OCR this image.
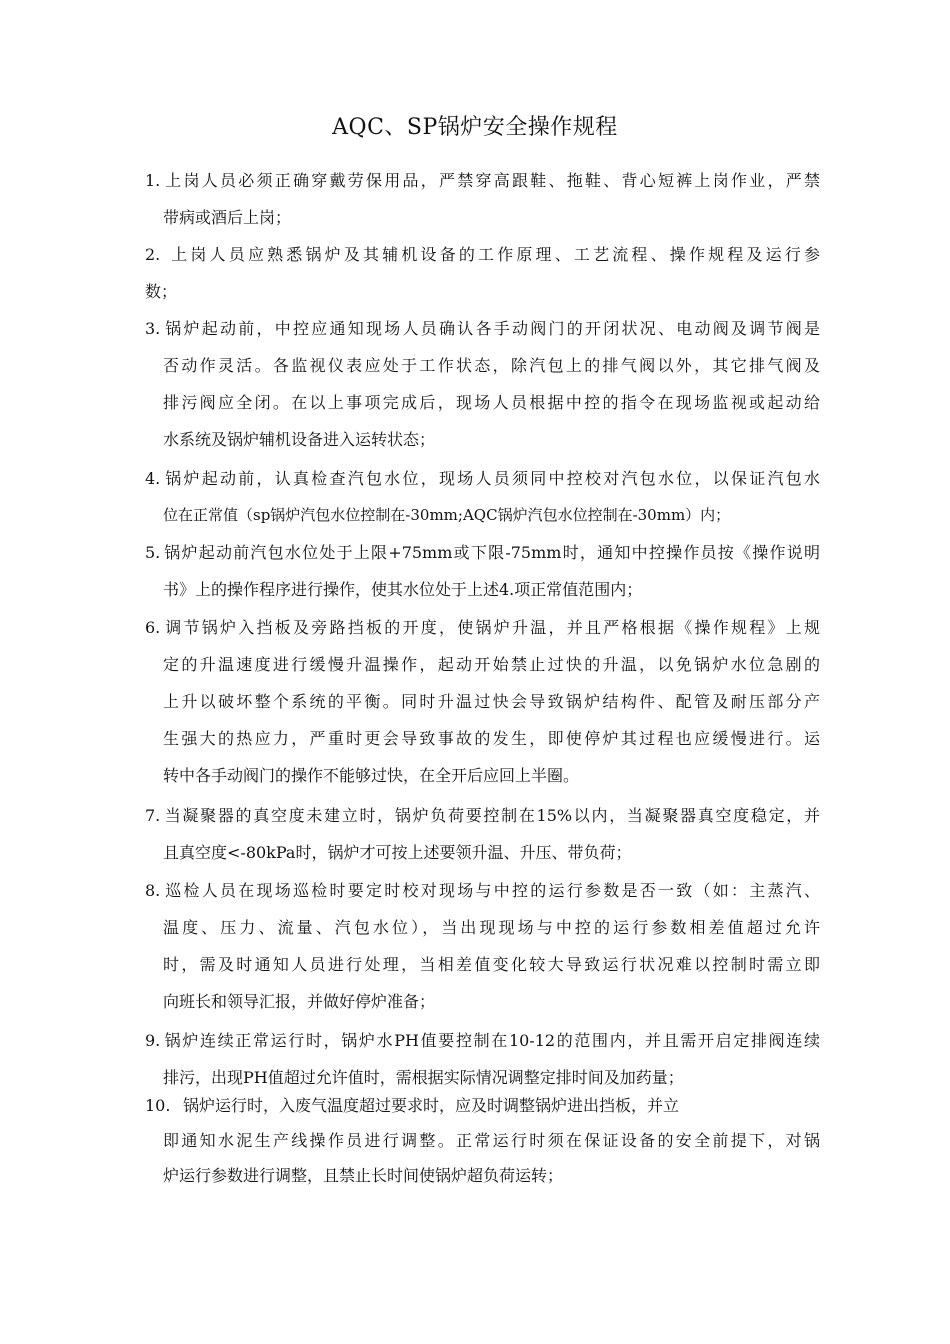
AQC、SP锅炉安全操作规程
1. 上岗人员必须正确穿戴劳保用品，严禁穿高跟鞋、拖鞋、背心短裤上岗作业，严禁
带病或酒后上岗；
2. 上岗人员应熟悉锅炉及其辅机设备的工作原理、工艺流程、操作规程及运行参
数；
3. 锅炉起动前，中控应通知现场人员确认各手动阀门的开闭状况、电动阀及调节阀是
否动作灵活。各监视仪表应处于工作状态，除汽包上的排气阀以外，其它排气阀及
排污阀应全闭。在以上事项完成后，现场人员根据中控的指令在现场监视或起动给
水系统及锅炉辅机设备进入运转状态；
4. 锅炉起动前，认真检查汽包水位，现场人员须同中控校对汽包水位，以保证汽包水
位在正常值（sp锅炉汽包水位控制在-30mm;AQC锅炉汽包水位控制在-30mm）内；
5. 锅炉起动前汽包水位处于上限+75mm或下限-75mm时，通知中控操作员按《操作说明
书》上的操作程序进行操作，使其水位处于上述4.项正常值范围内；
6. 调节锅炉入挡板及旁路挡板的开度，使锅炉升温，并且严格根据《操作规程》上规
定的升温速度进行缓慢升温操作，起动开始禁止过快的升温，以免锅炉水位急剧的
上升以破坏整个系统的平衡。同时升温过快会导致锅炉结构件、配管及耐压部分产
生强大的热应力，严重时更会导致事故的发生，即使停炉其过程也应缓慢进行。运
转中各手动阀门的操作不能够过快，在全开后应回上半圈。
7. 当凝聚器的真空度未建立时，锅炉负荷要控制在15%以内，当凝聚器真空度稳定，并
且真空度<-80kPa时，锅炉才可按上述要领升温、升压、带负荷；
8. 巡检人员在现场巡检时要定时校对现场与中控的运行参数是否一致（如：主蒸汽、
温度、压力、流量、汽包水位），当出现现场与中控的运行参数相差值超过允许
时，需及时通知人员进行处理，当相差值变化较大导致运行状况难以控制时需立即
向班长和领导汇报，并做好停炉准备；
9. 锅炉连续正常运行时，锅炉水PH值要控制在10-12的范围内，并且需开启定排阀连续
排污，出现PH值超过允许值时，需根据实际情况调整定排时间及加药量；
10. 锅炉运行时，入废气温度超过要求时，应及时调整锅炉进出挡板，并立
即通知水泥生产线操作员进行调整。正常运行时须在保证设备的安全前提下，对锅
炉运行参数进行调整，且禁止长时间使锅炉超负荷运转；
